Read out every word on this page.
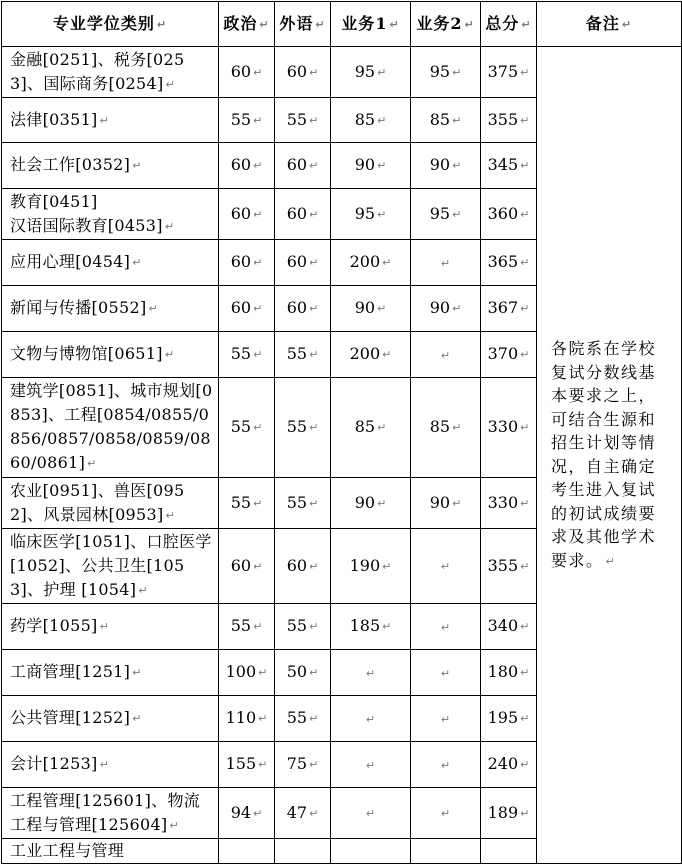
专业学位类别 ↵	政治 ↵	外语 ↵	业务1 ↵	业务2 ↵	总分 ↵	备注 ↵
金融[0251]、税务[0253]、国际商务[0254] ↵	60 ↵	60 ↵	95 ↵	95 ↵	375 ↵	各院系在学校复试分数线基本要求之上，可结合生源和招生计划等情况，自主确定考生进入复试的初试成绩要求及其他学术要求。 ↵
法律[0351] ↵	55 ↵	55 ↵	85 ↵	85 ↵	355 ↵	
社会工作[0352] ↵	60 ↵	60 ↵	90 ↵	90 ↵	345 ↵	
教育[0451]
汉语国际教育[0453] ↵	60 ↵	60 ↵	95 ↵	95 ↵	360 ↵	
应用心理[0454] ↵	60 ↵	60 ↵	200 ↵	↵	365 ↵	
新闻与传播[0552] ↵	60 ↵	60 ↵	90 ↵	90 ↵	367 ↵	
文物与博物馆[0651] ↵	55 ↵	55 ↵	200 ↵	↵	370 ↵	
建筑学[0851]、城市规划[0853]、工程[0854/0855/0856/0857/0858/0859/0860/0861] ↵	55 ↵	55 ↵	85 ↵	85 ↵	330 ↵	
农业[0951]、兽医[0952]、风景园林[0953] ↵	55 ↵	55 ↵	90 ↵	90 ↵	330 ↵	
临床医学[1051]、口腔医学[1052]、公共卫生[1053]、护理 [1054] ↵	60 ↵	60 ↵	190 ↵	↵	355 ↵	
药学[1055] ↵	55 ↵	55 ↵	185 ↵	↵	340 ↵	
工商管理[1251] ↵	100 ↵	50 ↵	↵	↵	180 ↵	
公共管理[1252] ↵	110 ↵	55 ↵	↵	↵	195 ↵	
会计[1253] ↵	155 ↵	75 ↵	↵	↵	240 ↵	
工程管理[125601]、物流工程与管理[125604] ↵	94 ↵	47 ↵	↵	↵	189 ↵	
工业工程与管理						
